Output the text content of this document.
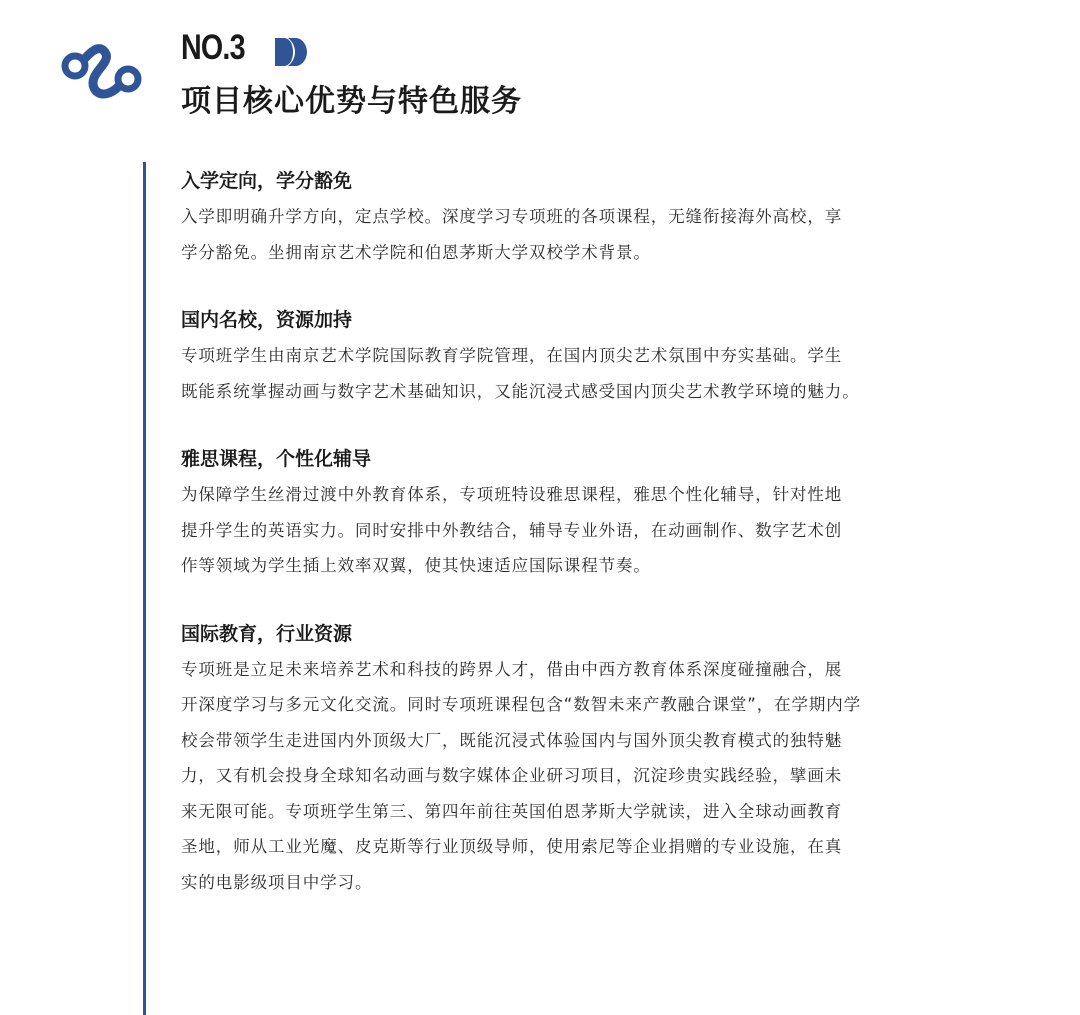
NO.3
项目核心优势与特色服务
入学定向，学分豁免
入学即明确升学方向，定点学校。深度学习专项班的各项课程，无缝衔接海外高校，享
学分豁免。坐拥南京艺术学院和伯恩茅斯大学双校学术背景。
国内名校，资源加持
专项班学生由南京艺术学院国际教育学院管理，在国内顶尖艺术氛围中夯实基础。学生
既能系统掌握动画与数字艺术基础知识，又能沉浸式感受国内顶尖艺术教学环境的魅力。
雅思课程，个性化辅导
为保障学生丝滑过渡中外教育体系，专项班特设雅思课程，雅思个性化辅导，针对性地
提升学生的英语实力。同时安排中外教结合，辅导专业外语，在动画制作、数字艺术创
作等领域为学生插上效率双翼，使其快速适应国际课程节奏。
国际教育，行业资源
专项班是立足未来培养艺术和科技的跨界人才，借由中西方教育体系深度碰撞融合，展
开深度学习与多元文化交流。同时专项班课程包含“数智未来产教融合课堂”，在学期内学
校会带领学生走进国内外顶级大厂，既能沉浸式体验国内与国外顶尖教育模式的独特魅
力，又有机会投身全球知名动画与数字媒体企业研习项目，沉淀珍贵实践经验，擘画未
来无限可能。专项班学生第三、第四年前往英国伯恩茅斯大学就读，进入全球动画教育
圣地，师从工业光魔、皮克斯等行业顶级导师，使用索尼等企业捐赠的专业设施，在真
实的电影级项目中学习。
